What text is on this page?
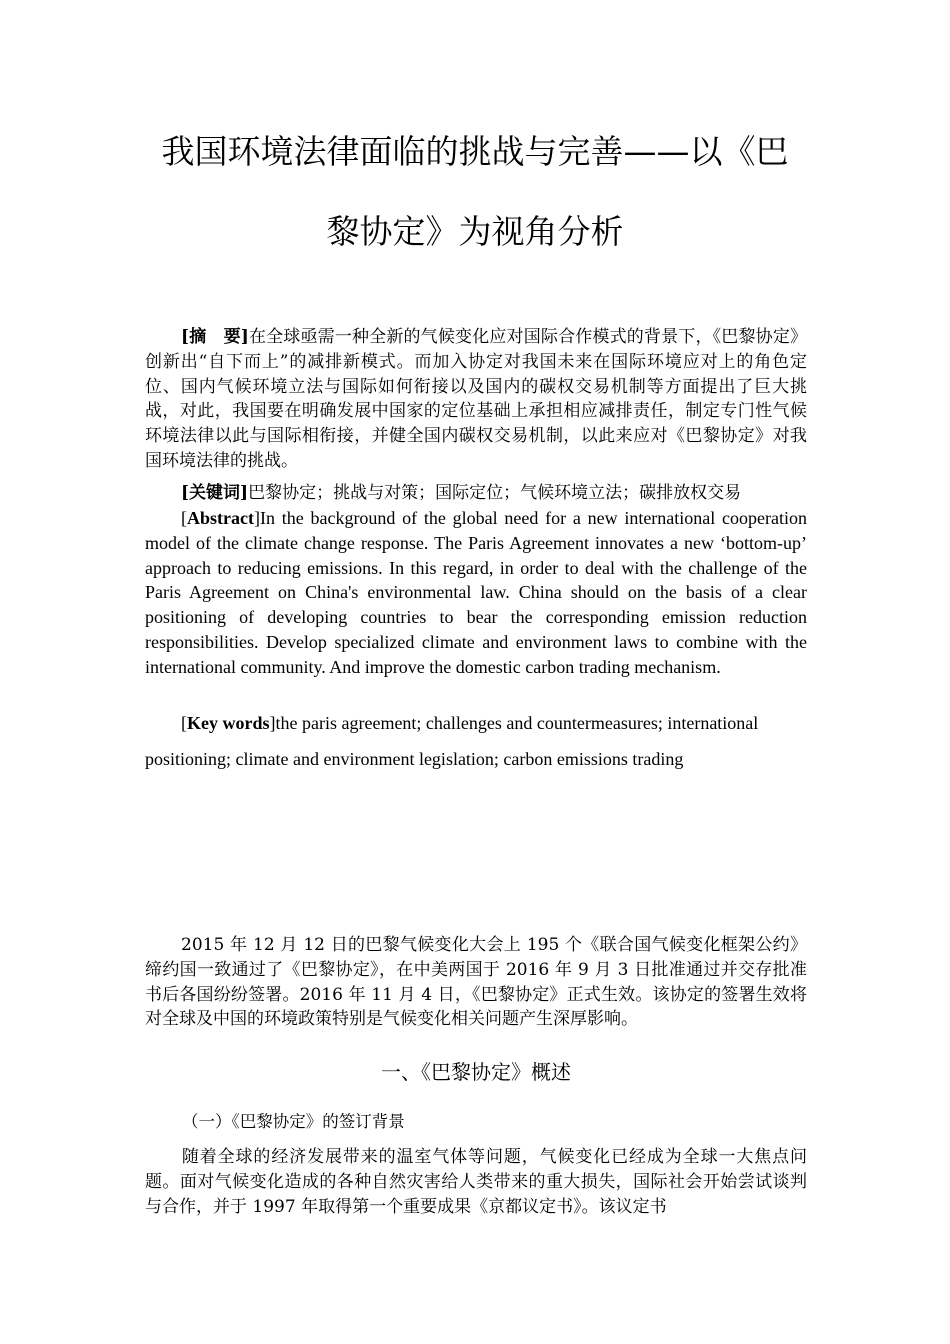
我国环境法律面临的挑战与完善——以《巴
黎协定》为视角分析

[摘　要]在全球亟需一种全新的气候变化应对国际合作模式的背景下，《巴黎协定》创新出“自下而上”的减排新模式。而加入协定对我国未来在国际环境应对上的角色定位、国内气候环境立法与国际如何衔接以及国内的碳权交易机制等方面提出了巨大挑战，对此，我国要在明确发展中国家的定位基础上承担相应减排责任，制定专门性气候环境法律以此与国际相衔接，并健全国内碳权交易机制，以此来应对《巴黎协定》对我国环境法律的挑战。

[关键词]巴黎协定；挑战与对策；国际定位；气候环境立法；碳排放权交易

[Abstract]In the background of the global need for a new international cooperation model of the climate change response. The Paris Agreement innovates a new ‘bottom-up’ approach to reducing emissions. In this regard, in order to deal with the challenge of the Paris Agreement on China's environmental law. China should on the basis of a clear positioning of developing countries to bear the corresponding emission reduction responsibilities. Develop specialized climate and environment laws to combine with the international community. And improve the domestic carbon trading mechanism.

[Key words]the paris agreement; challenges and countermeasures; international
positioning; climate and environment legislation; carbon emissions trading

2015 年 12 月 12 日的巴黎气候变化大会上 195 个《联合国气候变化框架公约》缔约国一致通过了《巴黎协定》，在中美两国于 2016 年 9 月 3 日批准通过并交存批准书后各国纷纷签署。2016 年 11 月 4 日，《巴黎协定》正式生效。该协定的签署生效将对全球及中国的环境政策特别是气候变化相关问题产生深厚影响。

一、《巴黎协定》概述
（一）《巴黎协定》的签订背景

随着全球的经济发展带来的温室气体等问题，气候变化已经成为全球一大焦点问题。面对气候变化造成的各种自然灾害给人类带来的重大损失，国际社会开始尝试谈判与合作，并于 1997 年取得第一个重要成果《京都议定书》。该议定书
